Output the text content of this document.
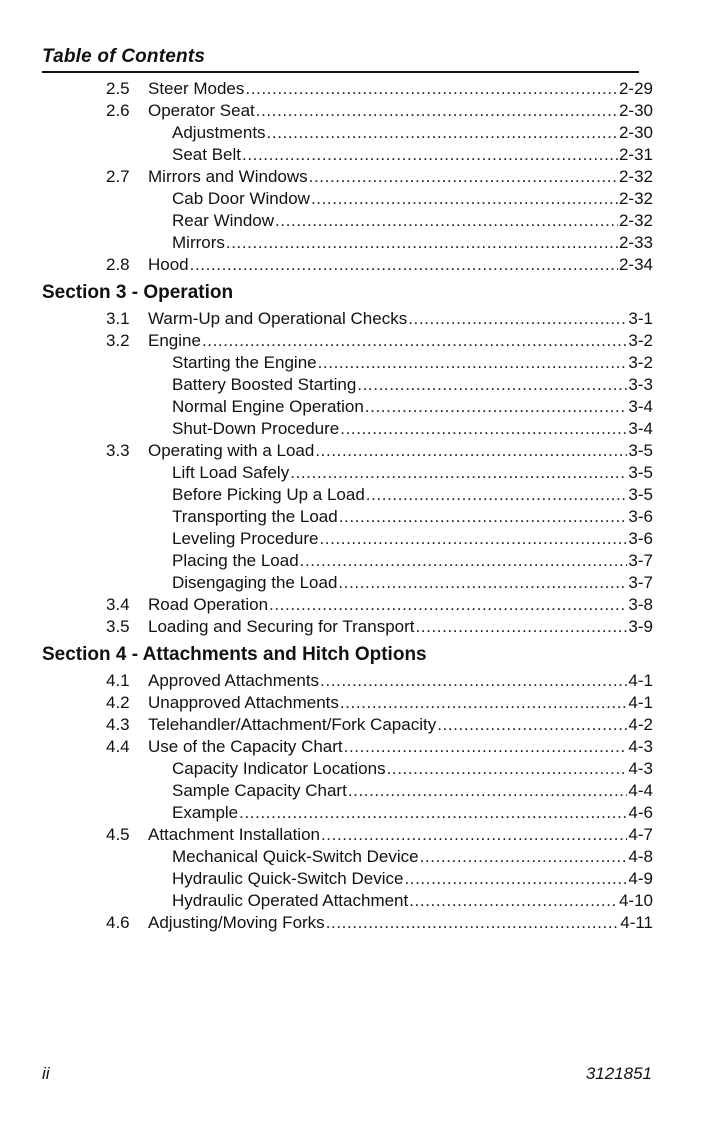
Table of Contents
2.5 Steer Modes .....	2-29
2.6 Operator Seat .....	2-30
Adjustments .....	2-30
Seat Belt .....	2-31
2.7 Mirrors and Windows .....	2-32
Cab Door Window .....	2-32
Rear Window .....	2-32
Mirrors .....	2-33
2.8 Hood .....	2-34
Section 3 - Operation
3.1 Warm-Up and Operational Checks .....	3-1
3.2 Engine .....	3-2
Starting the Engine .....	3-2
Battery Boosted Starting .....	3-3
Normal Engine Operation .....	3-4
Shut-Down Procedure .....	3-4
3.3 Operating with a Load .....	3-5
Lift Load Safely .....	3-5
Before Picking Up a Load .....	3-5
Transporting the Load .....	3-6
Leveling Procedure .....	3-6
Placing the Load .....	3-7
Disengaging the Load .....	3-7
3.4 Road Operation .....	3-8
3.5 Loading and Securing for Transport .....	3-9
Section 4 - Attachments and Hitch Options
4.1 Approved Attachments .....	4-1
4.2 Unapproved Attachments .....	4-1
4.3 Telehandler/Attachment/Fork Capacity .....	4-2
4.4 Use of the Capacity Chart .....	4-3
Capacity Indicator Locations .....	4-3
Sample Capacity Chart .....	4-4
Example .....	4-6
4.5 Attachment Installation .....	4-7
Mechanical Quick-Switch Device .....	4-8
Hydraulic Quick-Switch Device .....	4-9
Hydraulic Operated Attachment .....	4-10
4.6 Adjusting/Moving Forks .....	4-11
ii	3121851
